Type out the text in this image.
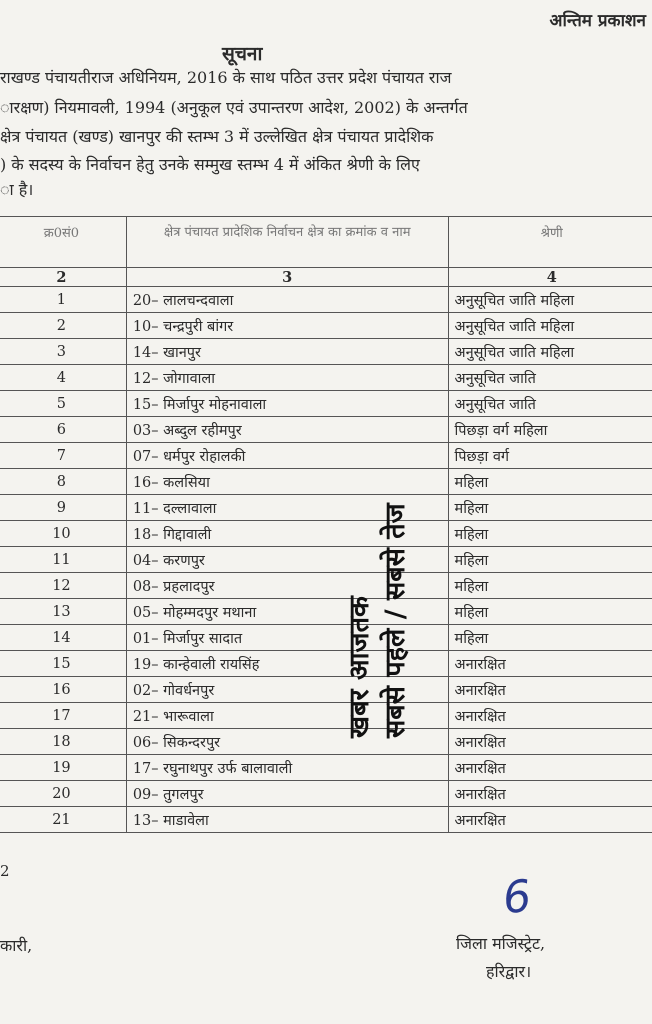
अन्तिम प्रकाशन
सूचना
राखण्ड पंचायतीराज अधिनियम, 2016 के साथ पठित उत्तर प्रदेश पंचायत राज
ारक्षण) नियमावली, 1994 (अनुकूल एवं उपान्तरण आदेश, 2002) के अन्तर्गत
क्षेत्र पंचायत (खण्ड) खानपुर की स्तम्भ 3 में उल्लेखित क्षेत्र पंचायत प्रादेशिक
) के सदस्य के निर्वाचन हेतु उनके सम्मुख स्तम्भ 4 में अंकित श्रेणी के लिए
ा है।
क्र0सं0	क्षेत्र पंचायत प्रादेशिक निर्वाचन क्षेत्र का क्रमांक व नाम	श्रेणी
2	3	4
1	20– लालचन्दवाला	अनुसूचित जाति महिला
2	10– चन्द्रपुरी बांगर	अनुसूचित जाति महिला
3	14– खानपुर	अनुसूचित जाति महिला
4	12– जोगावाला	अनुसूचित जाति
5	15– मिर्जापुर मोहनावाला	अनुसूचित जाति
6	03– अब्दुल रहीमपुर	पिछड़ा वर्ग महिला
7	07– धर्मपुर रोहालकी	पिछड़ा वर्ग
8	16– कलसिया	महिला
9	11– दल्लावाला	महिला
10	18– गिद्दावाली	महिला
11	04– करणपुर	महिला
12	08– प्रहलादपुर	महिला
13	05– मोहम्मदपुर मथाना	महिला
14	01– मिर्जापुर सादात	महिला
15	19– कान्हेवाली रायसिंह	अनारक्षित
16	02– गोवर्धनपुर	अनारक्षित
17	21– भारूवाला	अनारक्षित
18	06– सिकन्दरपुर	अनारक्षित
19	17– रघुनाथपुर उर्फ बालावाली	अनारक्षित
20	09– तुगलपुर	अनारक्षित
21	13– माडावेला	अनारक्षित
2
कारी,
6
जिला मजिस्ट्रेट,
हरिद्वार।
खबर आजतक सबसे पहले / सबसे तेज
